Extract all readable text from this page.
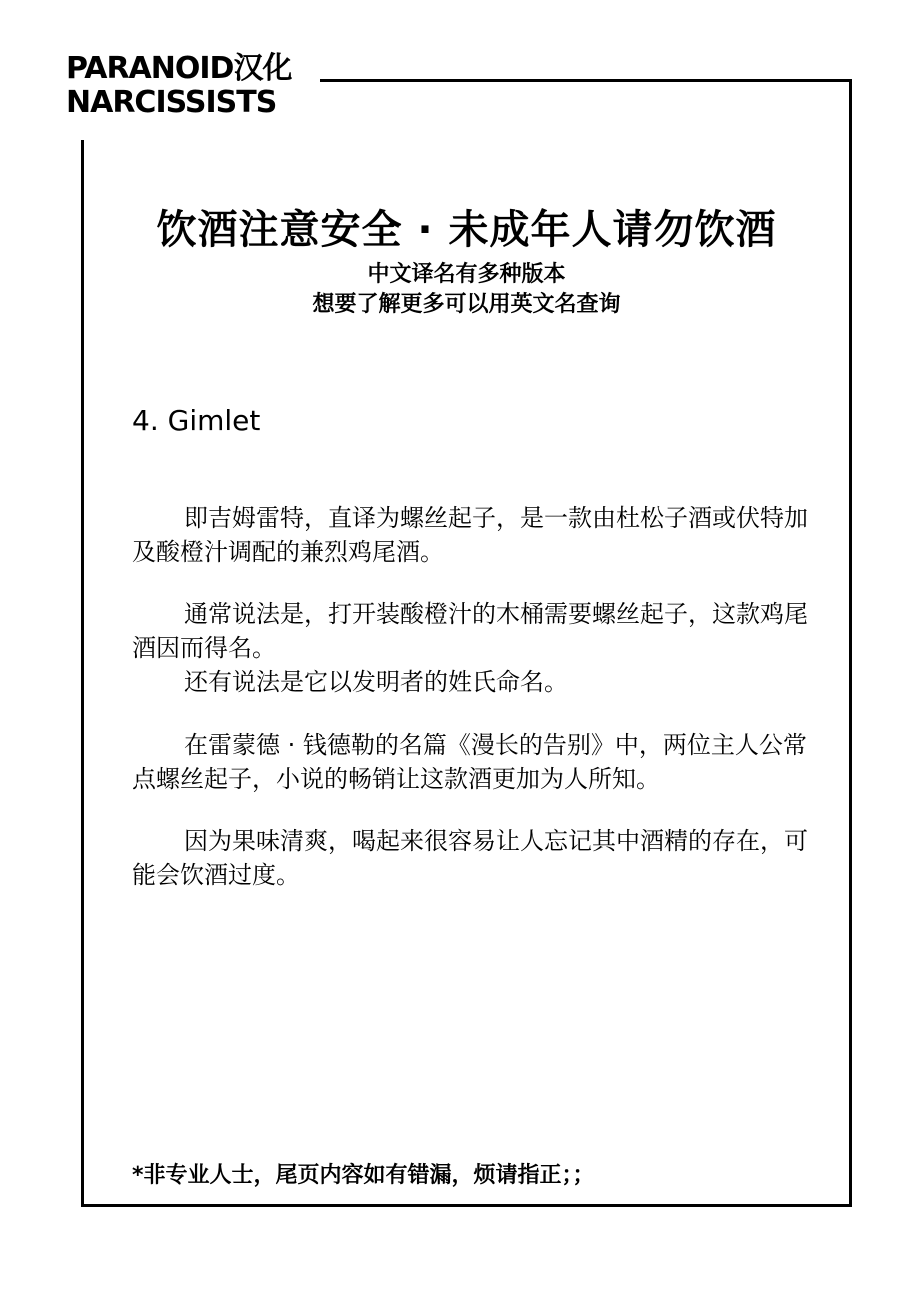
PARANOID汉化
NARCISSISTS
饮酒注意安全 · 未成年人请勿饮酒
中文译名有多种版本
想要了解更多可以用英文名查询
4. Gimlet

即吉姆雷特，直译为螺丝起子，是一款由杜松子酒或伏特加及酸橙汁调配的兼烈鸡尾酒。

通常说法是，打开装酸橙汁的木桶需要螺丝起子，这款鸡尾酒因而得名。

还有说法是它以发明者的姓氏命名。

在雷蒙德 · 钱德勒的名篇《漫长的告别》中，两位主人公常点螺丝起子，小说的畅销让这款酒更加为人所知。

因为果味清爽，喝起来很容易让人忘记其中酒精的存在，可能会饮酒过度。

*非专业人士，尾页内容如有错漏，烦请指正；；
